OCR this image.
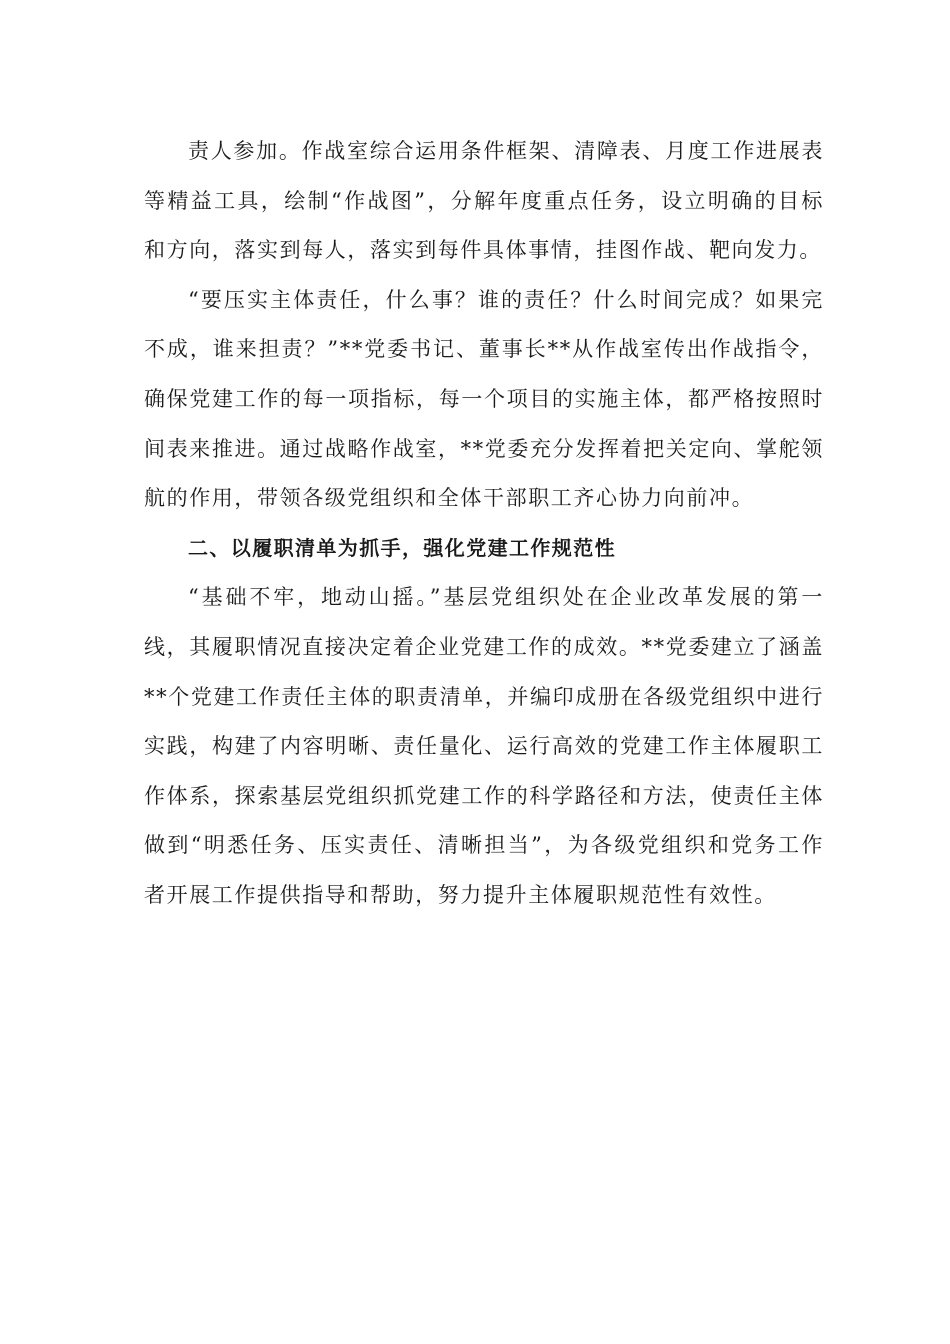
责人参加。作战室综合运用条件框架、清障表、月度工作进展表等精益工具，绘制“作战图”，分解年度重点任务，设立明确的目标和方向，落实到每人，落实到每件具体事情，挂图作战、靶向发力。

“要压实主体责任，什么事？谁的责任？什么时间完成？如果完不成，谁来担责？”**党委书记、董事长**从作战室传出作战指令，确保党建工作的每一项指标，每一个项目的实施主体，都严格按照时间表来推进。通过战略作战室，**党委充分发挥着把关定向、掌舵领航的作用，带领各级党组织和全体干部职工齐心协力向前冲。

二、以履职清单为抓手，强化党建工作规范性

“基础不牢，地动山摇。”基层党组织处在企业改革发展的第一线，其履职情况直接决定着企业党建工作的成效。**党委建立了涵盖**个党建工作责任主体的职责清单，并编印成册在各级党组织中进行实践，构建了内容明晰、责任量化、运行高效的党建工作主体履职工作体系，探索基层党组织抓党建工作的科学路径和方法，使责任主体做到“明悉任务、压实责任、清晰担当”，为各级党组织和党务工作者开展工作提供指导和帮助，努力提升主体履职规范性有效性。
